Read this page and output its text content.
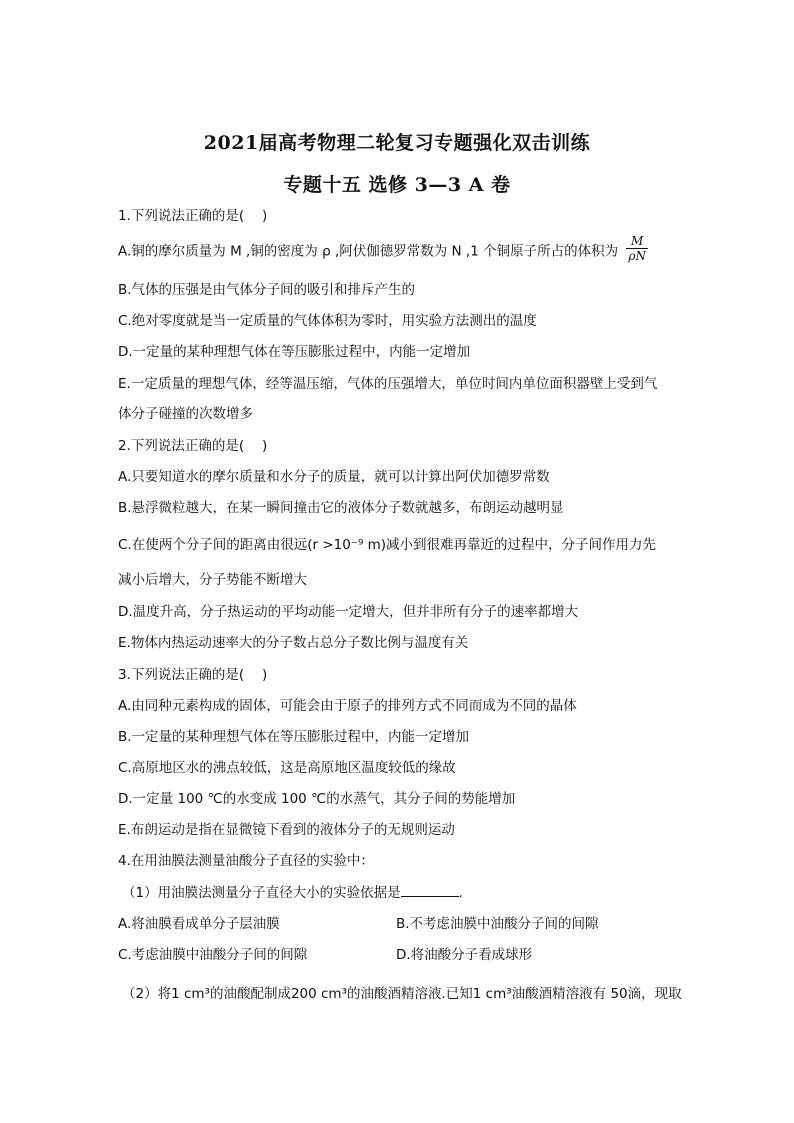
2021届高考物理二轮复习专题强化双击训练
专题十五 选修 3—3 A 卷
1.下列说法正确的是(　 )
A.铜的摩尔质量为 M ,铜的密度为 ρ ,阿伏伽德罗常数为 N ,1 个铜原子所占的体积为 $\frac{M}{\rho N}$
B.气体的压强是由气体分子间的吸引和排斥产生的
C.绝对零度就是当一定质量的气体体积为零时，用实验方法测出的温度
D.一定量的某种理想气体在等压膨胀过程中，内能一定增加
E.一定质量的理想气体，经等温压缩，气体的压强增大，单位时间内单位面积器壁上受到气
体分子碰撞的次数增多
2.下列说法正确的是(　 )
A.只要知道水的摩尔质量和水分子的质量，就可以计算出阿伏加德罗常数
B.悬浮微粒越大，在某一瞬间撞击它的液体分子数就越多，布朗运动越明显
C.在使两个分子间的距离由很远(r >10⁻⁹ m)减小到很难再靠近的过程中，分子间作用力先
减小后增大，分子势能不断增大
D.温度升高，分子热运动的平均动能一定增大，但并非所有分子的速率都增大
E.物体内热运动速率大的分子数占总分子数比例与温度有关
3.下列说法正确的是(　 )
A.由同种元素构成的固体，可能会由于原子的排列方式不同而成为不同的晶体
B.一定量的某种理想气体在等压膨胀过程中，内能一定增加
C.高原地区水的沸点较低，这是高原地区温度较低的缘故
D.一定量 100 ℃的水变成 100 ℃的水蒸气，其分子间的势能增加
E.布朗运动是指在显微镜下看到的液体分子的无规则运动
4.在用油膜法测量油酸分子直径的实验中：
（1）用油膜法测量分子直径大小的实验依据是	.
A.将油膜看成单分子层油膜	B.不考虑油膜中油酸分子间的间隙
C.考虑油膜中油酸分子间的间隙	D.将油酸分子看成球形
（2）将1 cm³的油酸配制成200 cm³的油酸酒精溶液.已知1 cm³油酸酒精溶液有 50滴，现取
